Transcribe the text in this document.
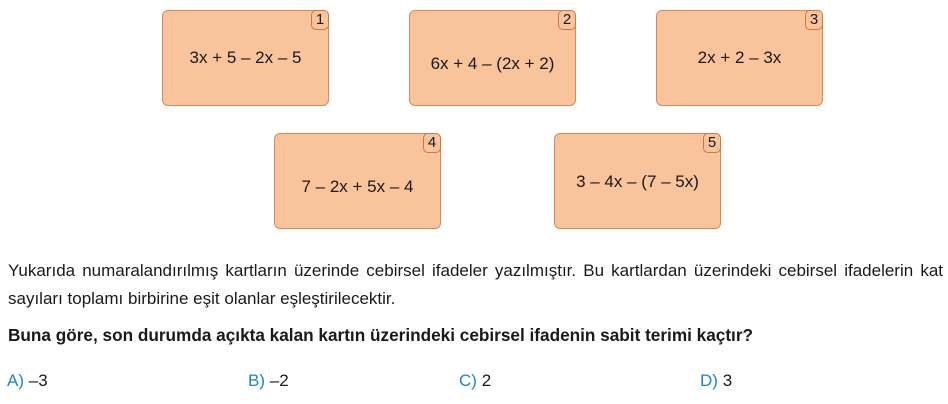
1
3x + 5 – 2x – 5
2
6x + 4 – (2x + 2)
3
2x + 2 – 3x
4
7 – 2x + 5x – 4
5
3 – 4x – (7 – 5x)
Yukarıda numaralandırılmış kartların üzerinde cebirsel ifadeler yazılmıştır. Bu kartlardan üzerindeki cebirsel ifadelerin kat sayıları toplamı birbirine eşit olanlar eşleştirilecektir.
Buna göre, son durumda açıkta kalan kartın üzerindeki cebirsel ifadenin sabit terimi kaçtır?
A) –3	B) –2	C) 2	D) 3
